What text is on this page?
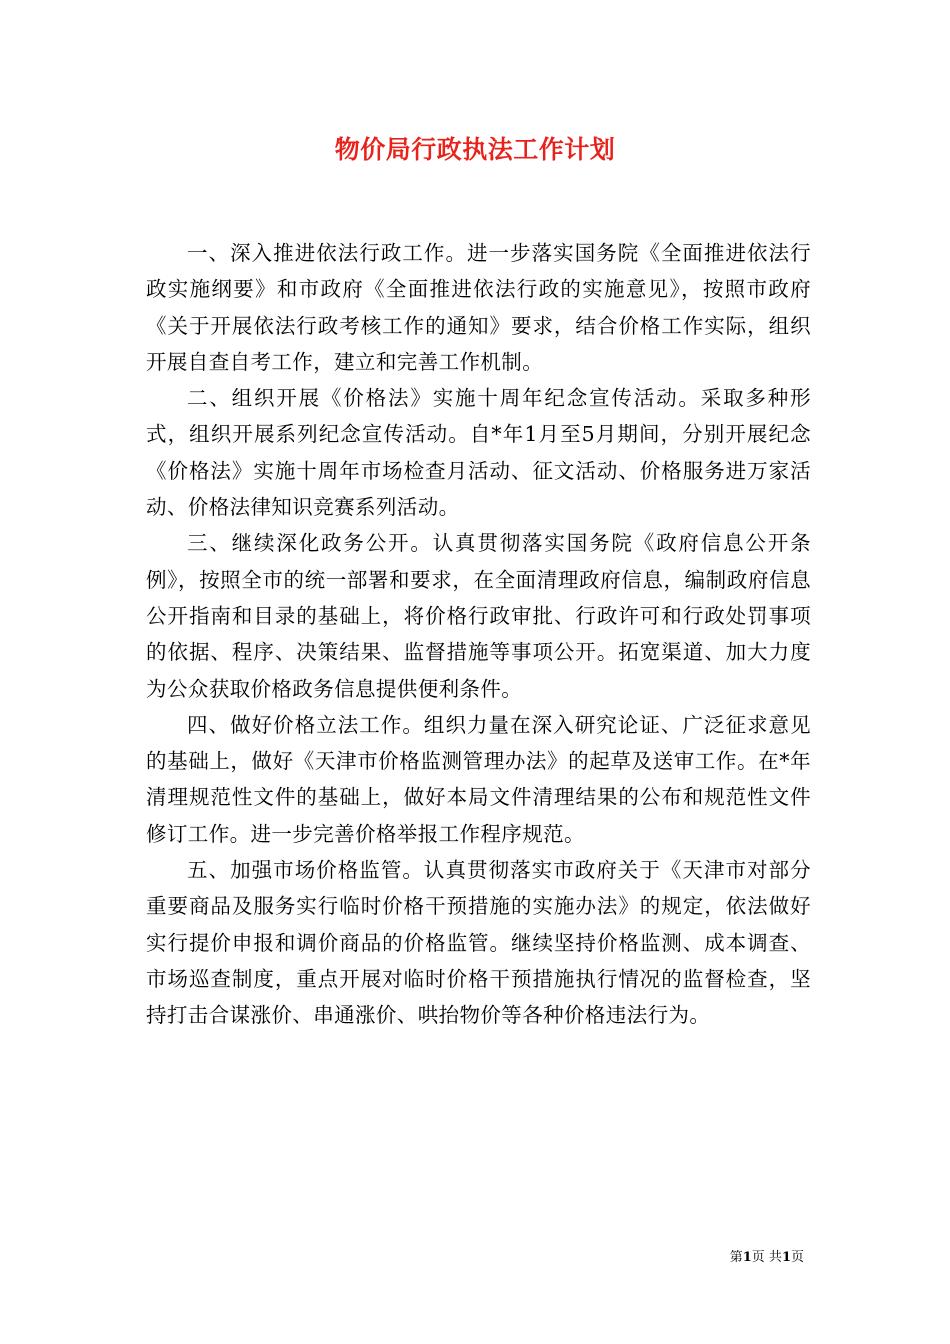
物价局行政执法工作计划

一、深入推进依法行政工作。进一步落实国务院《全面推进依法行政实施纲要》和市政府《全面推进依法行政的实施意见》，按照市政府《关于开展依法行政考核工作的通知》要求，结合价格工作实际，组织开展自查自考工作，建立和完善工作机制。

二、组织开展《价格法》实施十周年纪念宣传活动。采取多种形式，组织开展系列纪念宣传活动。自*年1月至5月期间，分别开展纪念《价格法》实施十周年市场检查月活动、征文活动、价格服务进万家活动、价格法律知识竞赛系列活动。

三、继续深化政务公开。认真贯彻落实国务院《政府信息公开条例》，按照全市的统一部署和要求，在全面清理政府信息，编制政府信息公开指南和目录的基础上，将价格行政审批、行政许可和行政处罚事项的依据、程序、决策结果、监督措施等事项公开。拓宽渠道、加大力度为公众获取价格政务信息提供便利条件。

四、做好价格立法工作。组织力量在深入研究论证、广泛征求意见的基础上，做好《天津市价格监测管理办法》的起草及送审工作。在*年清理规范性文件的基础上，做好本局文件清理结果的公布和规范性文件修订工作。进一步完善价格举报工作程序规范。

五、加强市场价格监管。认真贯彻落实市政府关于《天津市对部分重要商品及服务实行临时价格干预措施的实施办法》的规定，依法做好实行提价申报和调价商品的价格监管。继续坚持价格监测、成本调查、市场巡查制度，重点开展对临时价格干预措施执行情况的监督检查，坚持打击合谋涨价、串通涨价、哄抬物价等各种价格违法行为。

第1页 共1页
